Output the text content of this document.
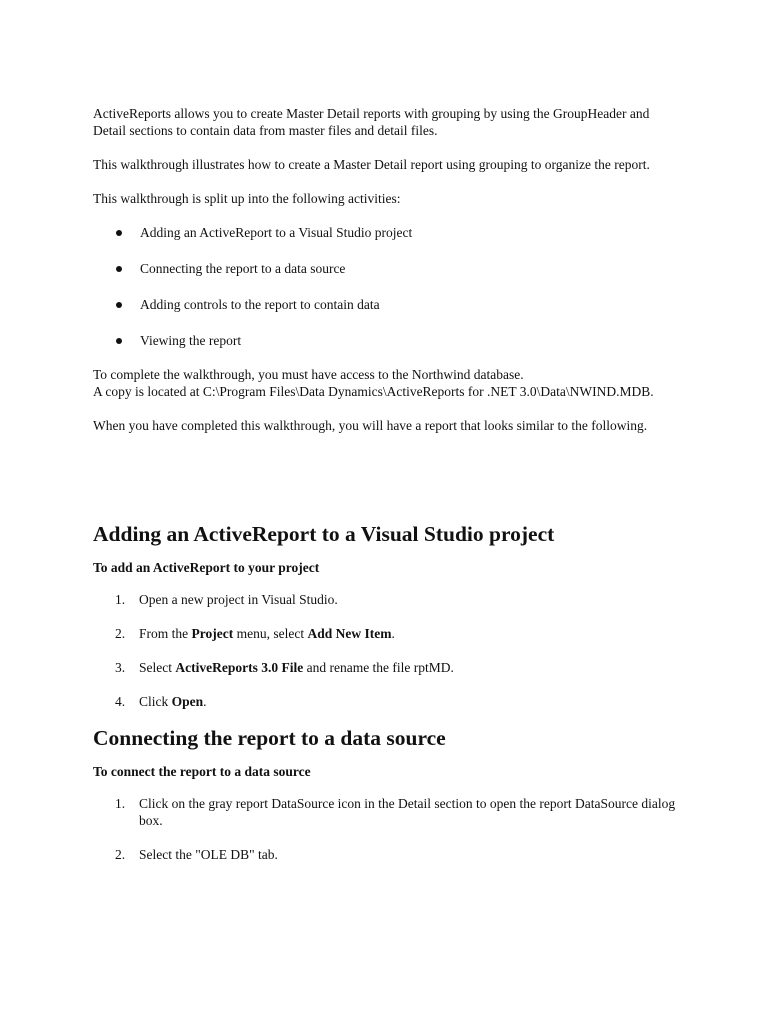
ActiveReports allows you to create Master Detail reports with grouping by using the GroupHeader and Detail sections to contain data from master files and detail files.

This walkthrough illustrates how to create a Master Detail report using grouping to organize the report.

This walkthrough is split up into the following activities:

Adding an ActiveReport to a Visual Studio project
Connecting the report to a data source
Adding controls to the report to contain data
Viewing the report

To complete the walkthrough, you must have access to the Northwind database.

A copy is located at C:\Program Files\Data Dynamics\ActiveReports for .NET 3.0\Data\NWIND.MDB.

When you have completed this walkthrough, you will have a report that looks similar to the following.

Adding an ActiveReport to a Visual Studio project
To add an ActiveReport to your project
1. Open a new project in Visual Studio.
2. From the Project menu, select Add New Item.
3. Select ActiveReports 3.0 File and rename the file rptMD.
4. Click Open.
Connecting the report to a data source
To connect the report to a data source
1. Click on the gray report DataSource icon in the Detail section to open the report DataSource dialog box.
2. Select the "OLE DB" tab.
